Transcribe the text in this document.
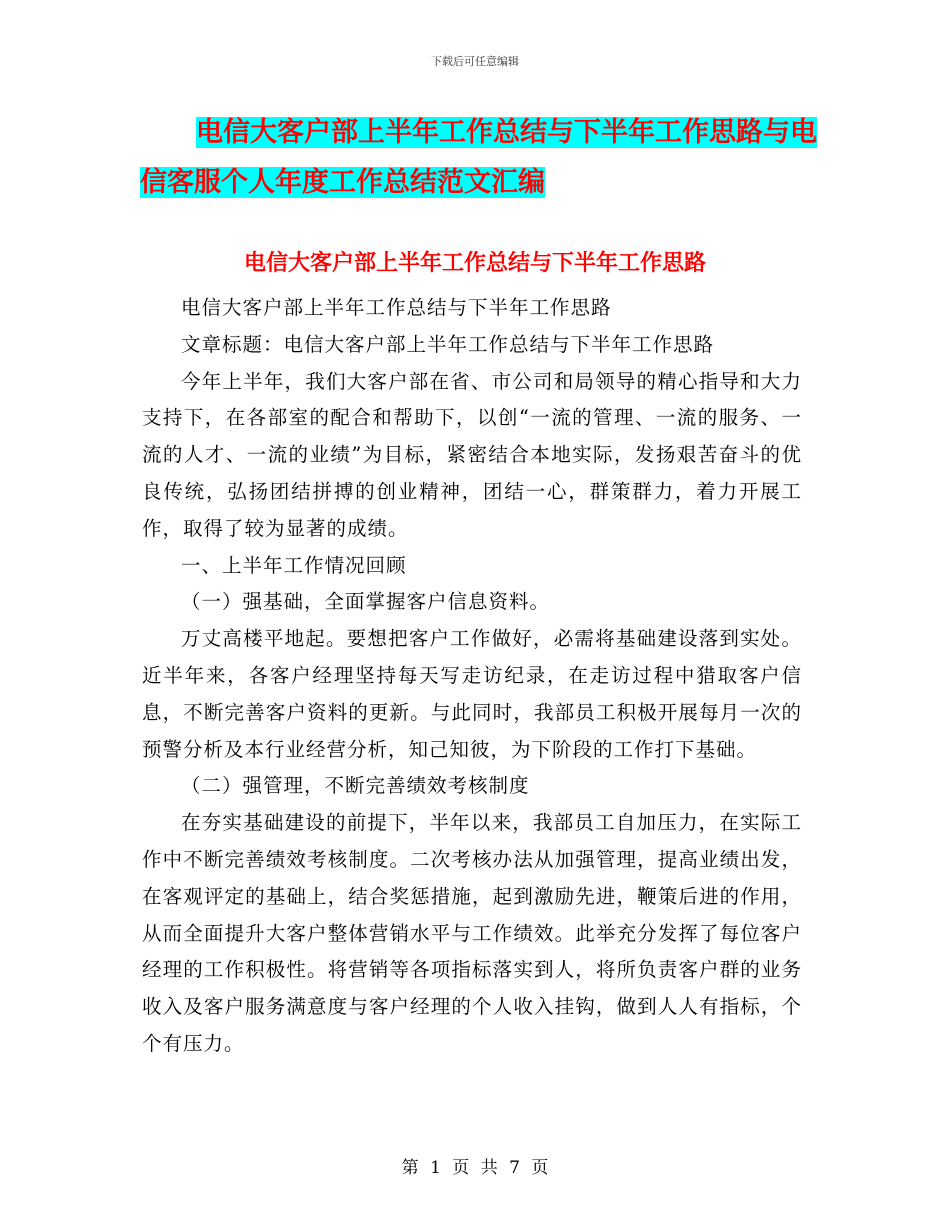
下载后可任意编辑
电信大客户部上半年工作总结与下半年工作思路与电
信客服个人年度工作总结范文汇编
电信大客户部上半年工作总结与下半年工作思路

电信大客户部上半年工作总结与下半年工作思路

文章标题：电信大客户部上半年工作总结与下半年工作思路

今年上半年，我们大客户部在省、市公司和局领导的精心指导和大力支持下，在各部室的配合和帮助下，以创“一流的管理、一流的服务、一流的人才、一流的业绩”为目标，紧密结合本地实际，发扬艰苦奋斗的优良传统，弘扬团结拼搏的创业精神，团结一心，群策群力，着力开展工作，取得了较为显著的成绩。

一、上半年工作情况回顾

（一）强基础，全面掌握客户信息资料。

万丈高楼平地起。要想把客户工作做好，必需将基础建设落到实处。近半年来，各客户经理坚持每天写走访纪录，在走访过程中猎取客户信息，不断完善客户资料的更新。与此同时，我部员工积极开展每月一次的预警分析及本行业经营分析，知己知彼，为下阶段的工作打下基础。

（二）强管理，不断完善绩效考核制度

在夯实基础建设的前提下，半年以来，我部员工自加压力，在实际工作中不断完善绩效考核制度。二次考核办法从加强管理，提高业绩出发，在客观评定的基础上，结合奖惩措施，起到激励先进，鞭策后进的作用，从而全面提升大客户整体营销水平与工作绩效。此举充分发挥了每位客户经理的工作积极性。将营销等各项指标落实到人，将所负责客户群的业务收入及客户服务满意度与客户经理的个人收入挂钩，做到人人有指标，个个有压力。

第 1 页 共 7 页
